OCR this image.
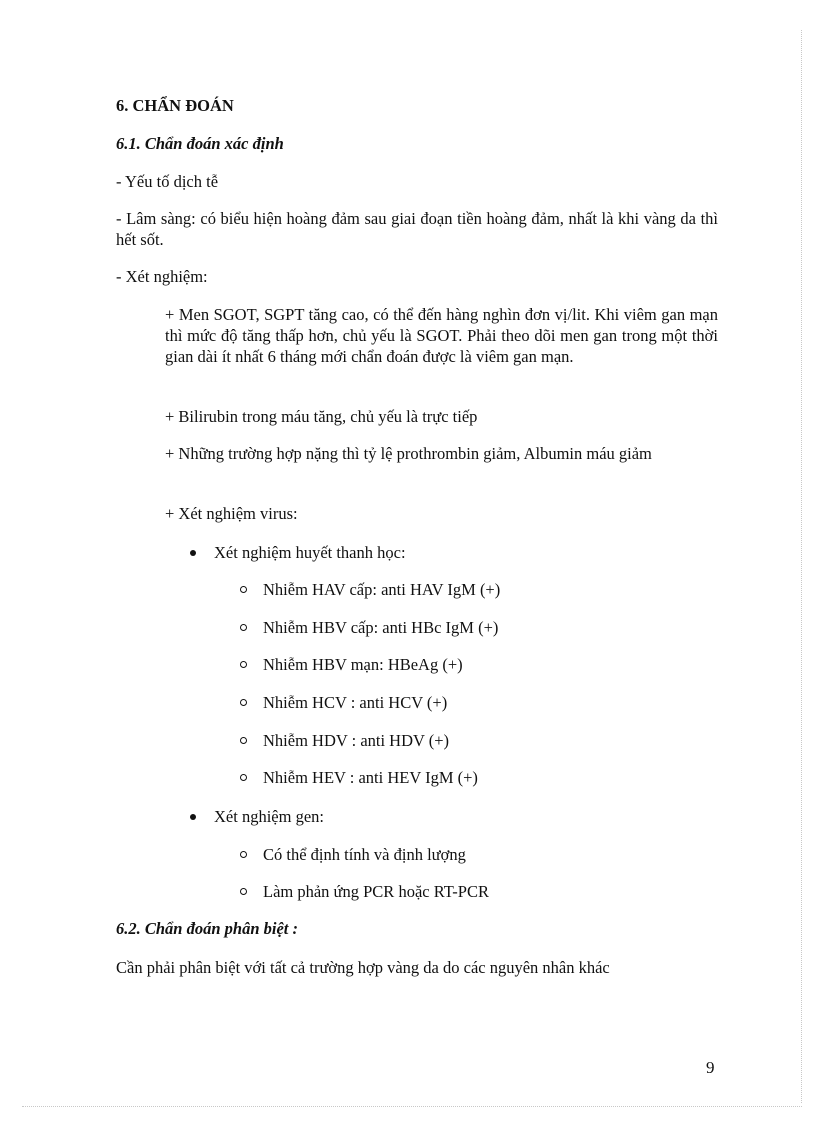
6. CHẨN ĐOÁN
6.1. Chẩn đoán xác định
- Yếu tố dịch tễ
- Lâm sàng: có biểu hiện hoàng đảm sau giai đoạn tiền hoàng đảm, nhất là khi vàng da thì hết sốt.
- Xét nghiệm:
+ Men SGOT, SGPT tăng cao, có thể đến hàng nghìn đơn vị/lit. Khi viêm gan mạn thì mức độ tăng thấp hơn, chủ yếu là SGOT. Phải theo dõi men gan trong một thời gian dài ít nhất 6 tháng mới chẩn đoán được là viêm gan mạn.
+ Bilirubin trong máu tăng, chủ yếu là trực tiếp
+ Những trường hợp nặng thì tỷ lệ prothrombin giảm, Albumin máu giảm
+ Xét nghiệm virus:
Xét nghiệm huyết thanh học:
Nhiễm HAV cấp: anti HAV IgM (+)
Nhiễm HBV cấp: anti HBc IgM (+)
Nhiễm HBV mạn: HBeAg (+)
Nhiễm HCV : anti HCV (+)
Nhiễm HDV : anti HDV (+)
Nhiễm HEV : anti HEV IgM (+)
Xét nghiệm gen:
Có thể định tính và định lượng
Làm phản ứng PCR hoặc RT-PCR
6.2. Chẩn đoán phân biệt :
Cần phải phân biệt với tất cả trường hợp vàng da do các nguyên nhân khác
9
